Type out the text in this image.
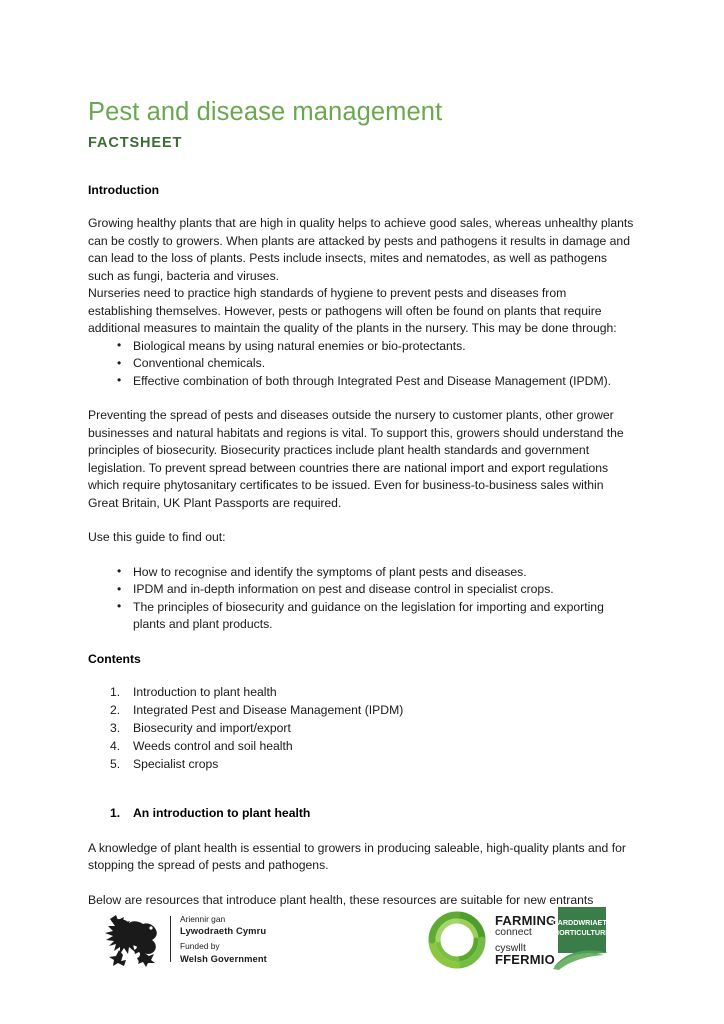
Pest and disease management
FACTSHEET
Introduction

Growing healthy plants that are high in quality helps to achieve good sales, whereas unhealthy plants can be costly to growers. When plants are attacked by pests and pathogens it results in damage and can lead to the loss of plants. Pests include insects, mites and nematodes, as well as pathogens such as fungi, bacteria and viruses.

Nurseries need to practice high standards of hygiene to prevent pests and diseases from establishing themselves. However, pests or pathogens will often be found on plants that require additional measures to maintain the quality of the plants in the nursery. This may be done through:

• Biological means by using natural enemies or bio-protectants.
• Conventional chemicals.
• Effective combination of both through Integrated Pest and Disease Management (IPDM).

Preventing the spread of pests and diseases outside the nursery to customer plants, other grower businesses and natural habitats and regions is vital. To support this, growers should understand the principles of biosecurity. Biosecurity practices include plant health standards and government legislation. To prevent spread between countries there are national import and export regulations which require phytosanitary certificates to be issued. Even for business-to-business sales within Great Britain, UK Plant Passports are required.

Use this guide to find out:

• How to recognise and identify the symptoms of plant pests and diseases.
• IPDM and in-depth information on pest and disease control in specialist crops.
• The principles of biosecurity and guidance on the legislation for importing and exporting plants and plant products.
Contents
Introduction to plant health
Integrated Pest and Disease Management (IPDM)
Biosecurity and import/export
Weeds control and soil health
Specialist crops
1. An introduction to plant health

A knowledge of plant health is essential to growers in producing saleable, high-quality plants and for stopping the spread of pests and pathogens.

Below are resources that introduce plant health, these resources are suitable for new entrants

Ariennir gan
Lywodraeth Cymru
Funded by
Welsh Government
FARMING
connect
cyswllt
FFERMIO
GARDDWRIAETH
HORTICULTURE
